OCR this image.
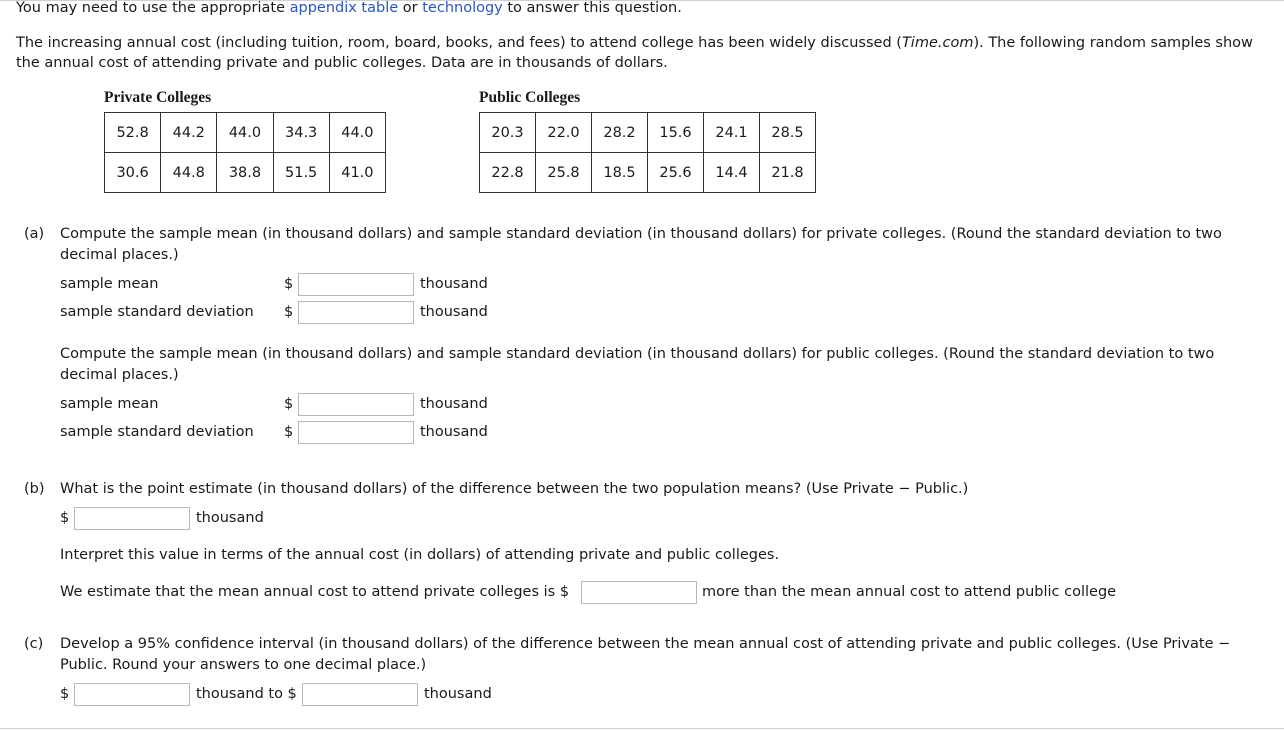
You may need to use the appropriate appendix table or technology to answer this question.
The increasing annual cost (including tuition, room, board, books, and fees) to attend college has been widely discussed (Time.com). The following random samples show
the annual cost of attending private and public colleges. Data are in thousands of dollars.
Private Colleges
52.8	44.2	44.0	34.3	44.0
30.6	44.8	38.8	51.5	41.0
Public Colleges
20.3	22.0	28.2	15.6	24.1	28.5
22.8	25.8	18.5	25.6	14.4	21.8
(a) Compute the sample mean (in thousand dollars) and sample standard deviation (in thousand dollars) for private colleges. (Round the standard deviation to two
decimal places.)
sample mean	$	thousand
sample standard deviation $	thousand
Compute the sample mean (in thousand dollars) and sample standard deviation (in thousand dollars) for public colleges. (Round the standard deviation to two
decimal places.)
sample mean	$	thousand
sample standard deviation $	thousand
(b) What is the point estimate (in thousand dollars) of the difference between the two population means? (Use Private − Public.)
$	thousand
Interpret this value in terms of the annual cost (in dollars) of attending private and public colleges.
We estimate that the mean annual cost to attend private colleges is $	more than the mean annual cost to attend public college
(c) Develop a 95% confidence interval (in thousand dollars) of the difference between the mean annual cost of attending private and public colleges. (Use Private −
Public. Round your answers to one decimal place.)
$	thousand to $	thousand
